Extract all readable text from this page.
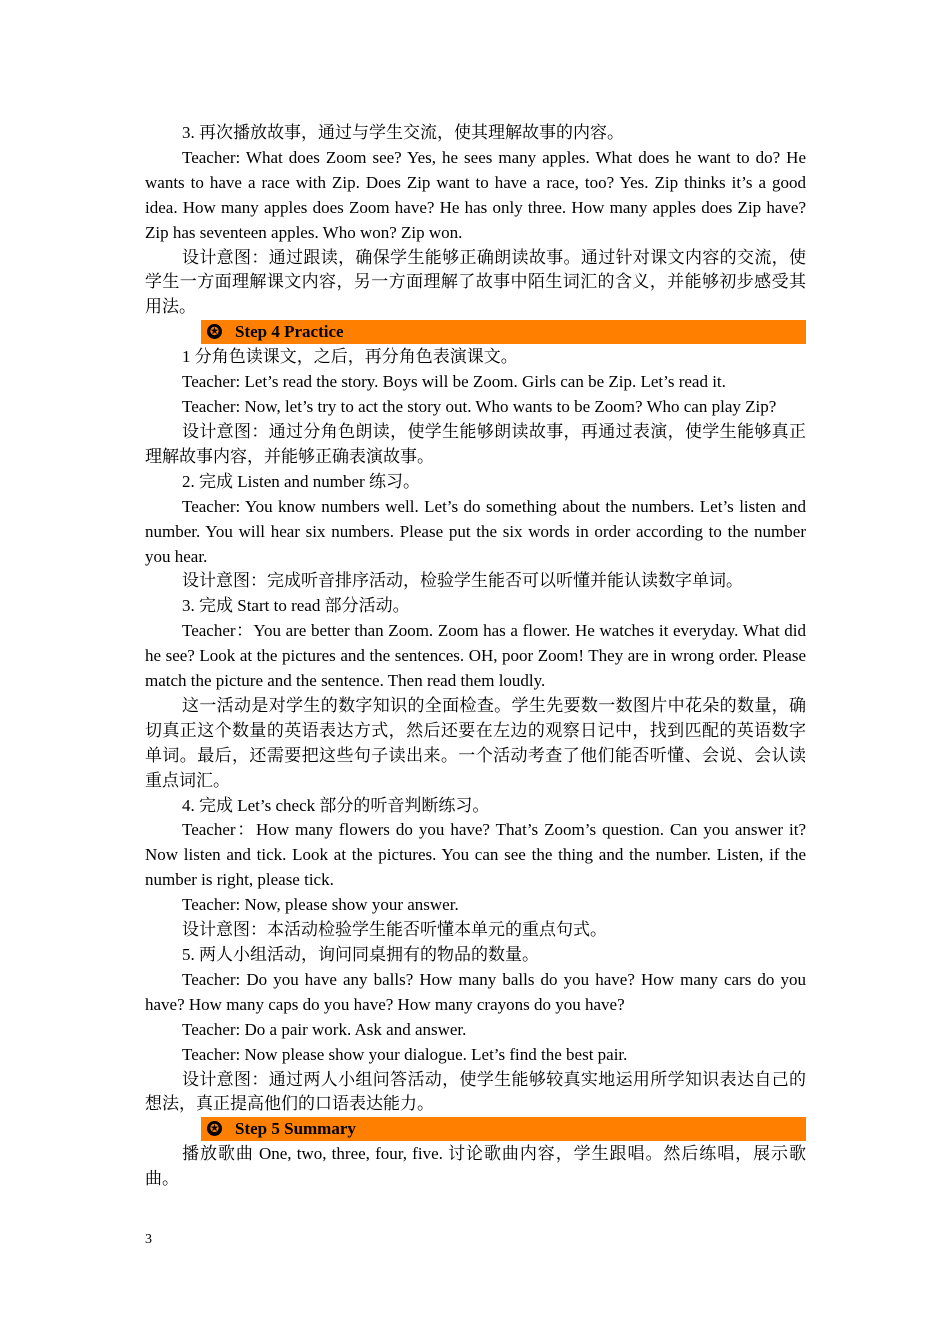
3. 再次播放故事，通过与学生交流，使其理解故事的内容。

Teacher: What does Zoom see? Yes, he sees many apples. What does he want to do? He wants to have a race with Zip. Does Zip want to have a race, too? Yes. Zip thinks it’s a good idea. How many apples does Zoom have? He has only three. How many apples does Zip have? Zip has seventeen apples. Who won? Zip won.

设计意图：通过跟读，确保学生能够正确朗读故事。通过针对课文内容的交流，使学生一方面理解课文内容，另一方面理解了故事中陌生词汇的含义，并能够初步感受其用法。

✪ Step 4 Practice

1 分角色读课文，之后，再分角色表演课文。

Teacher: Let’s read the story. Boys will be Zoom. Girls can be Zip. Let’s read it.

Teacher: Now, let’s try to act the story out. Who wants to be Zoom? Who can play Zip?

设计意图：通过分角色朗读，使学生能够朗读故事，再通过表演，使学生能够真正理解故事内容，并能够正确表演故事。

2. 完成 Listen and number 练习。

Teacher: You know numbers well. Let’s do something about the numbers. Let’s listen and number. You will hear six numbers. Please put the six words in order according to the number you hear.

设计意图：完成听音排序活动，检验学生能否可以听懂并能认读数字单词。

3. 完成 Start to read 部分活动。

Teacher：You are better than Zoom. Zoom has a flower. He watches it everyday. What did he see? Look at the pictures and the sentences. OH, poor Zoom! They are in wrong order. Please match the picture and the sentence. Then read them loudly.

这一活动是对学生的数字知识的全面检查。学生先要数一数图片中花朵的数量，确切真正这个数量的英语表达方式，然后还要在左边的观察日记中，找到匹配的英语数字单词。最后，还需要把这些句子读出来。一个活动考查了他们能否听懂、会说、会认读重点词汇。

4. 完成 Let’s check 部分的听音判断练习。

Teacher：How many flowers do you have? That’s Zoom’s question. Can you answer it? Now listen and tick. Look at the pictures. You can see the thing and the number. Listen, if the number is right, please tick.

Teacher: Now, please show your answer.

设计意图：本活动检验学生能否听懂本单元的重点句式。

5. 两人小组活动，询问同桌拥有的物品的数量。

Teacher: Do you have any balls? How many balls do you have? How many cars do you have? How many caps do you have? How many crayons do you have?

Teacher: Do a pair work. Ask and answer.

Teacher: Now please show your dialogue. Let’s find the best pair.

设计意图：通过两人小组问答活动，使学生能够较真实地运用所学知识表达自己的想法，真正提高他们的口语表达能力。

✪ Step 5 Summary

播放歌曲 One, two, three, four, five. 讨论歌曲内容，学生跟唱。然后练唱，展示歌曲。

3
